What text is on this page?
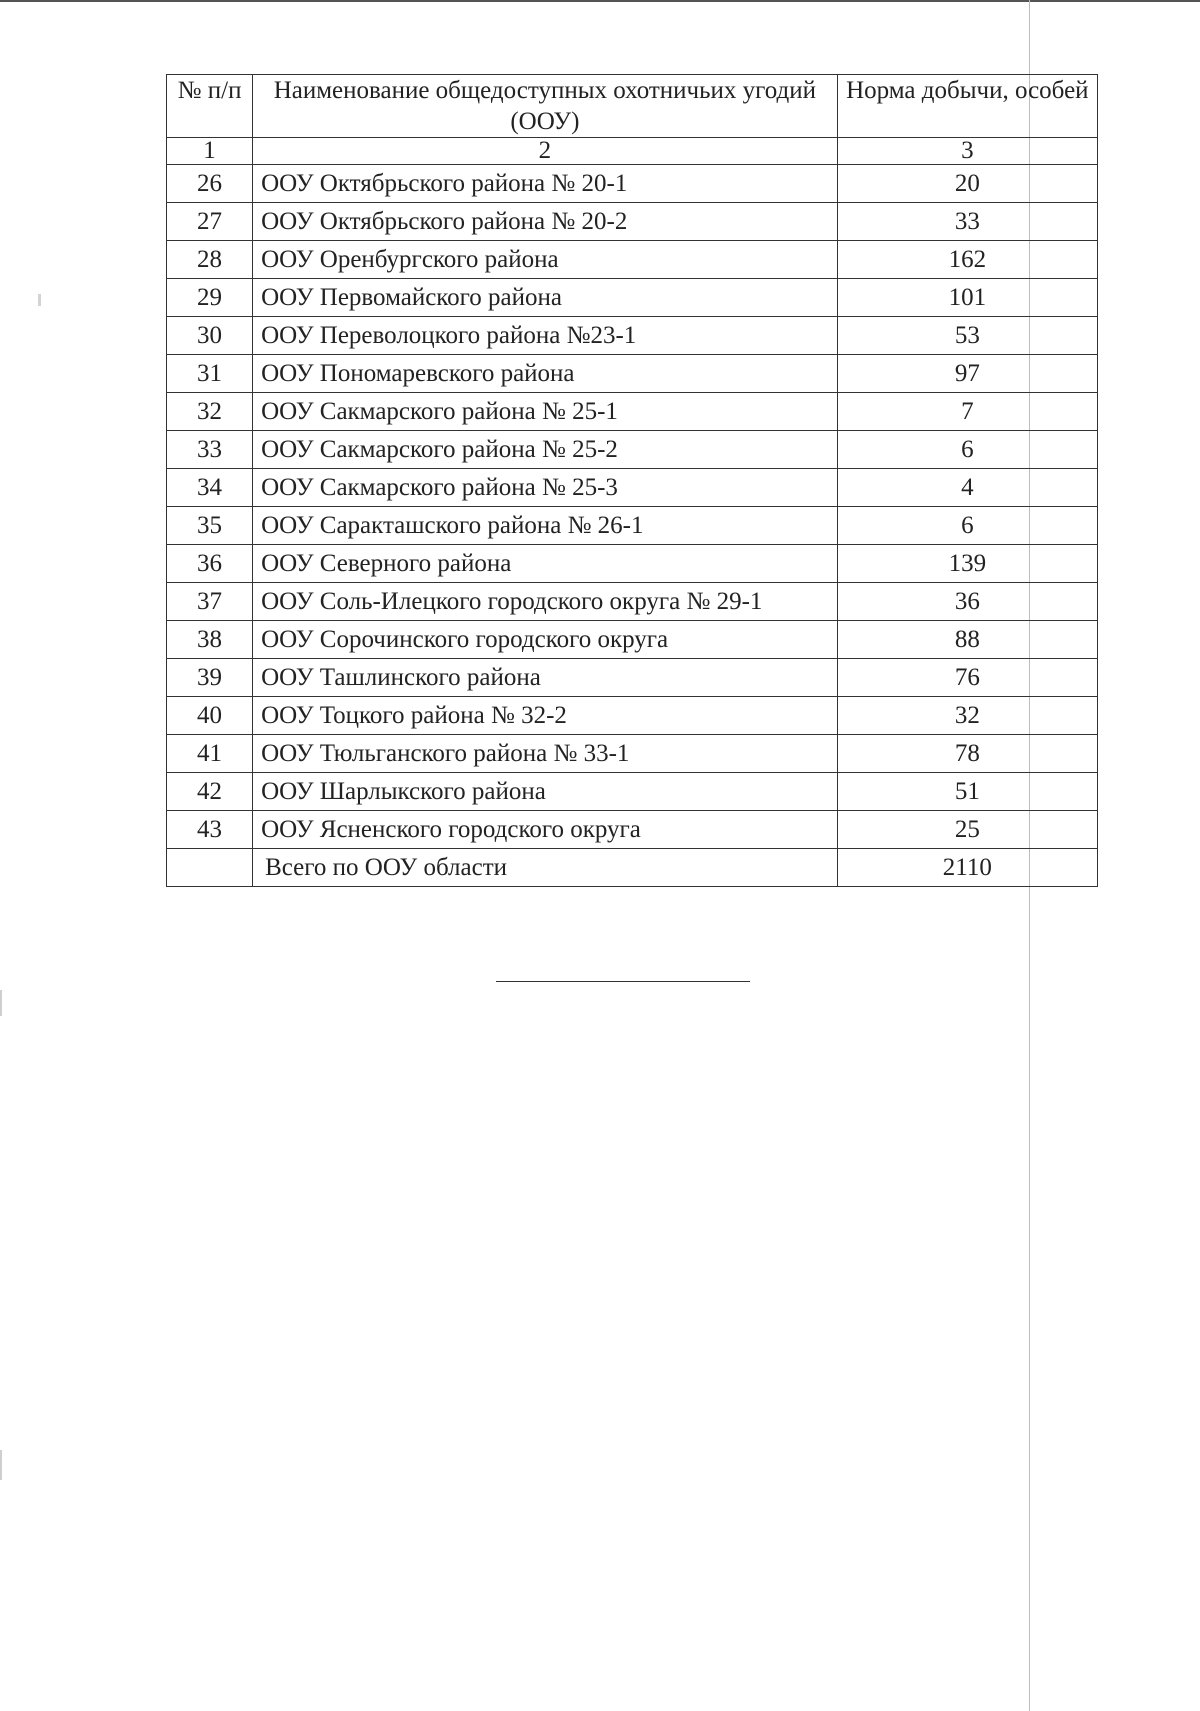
№ п/п	Наименование общедоступных охотничьих угодий (ООУ)	Норма добычи, особей
1	2	3
26	ООУ Октябрьского района № 20-1	20
27	ООУ Октябрьского района № 20-2	33
28	ООУ Оренбургского района	162
29	ООУ Первомайского района	101
30	ООУ Переволоцкого района №23-1	53
31	ООУ Пономаревского района	97
32	ООУ Сакмарского района № 25-1	7
33	ООУ Сакмарского района № 25-2	6
34	ООУ Сакмарского района № 25-3	4
35	ООУ Саракташского района № 26-1	6
36	ООУ Северного района	139
37	ООУ Соль-Илецкого городского округа № 29-1	36
38	ООУ Сорочинского городского округа	88
39	ООУ Ташлинского района	76
40	ООУ Тоцкого района № 32-2	32
41	ООУ Тюльганского района № 33-1	78
42	ООУ Шарлыкского района	51
43	ООУ Ясненского городского округа	25
	Всего по ООУ области	2110
